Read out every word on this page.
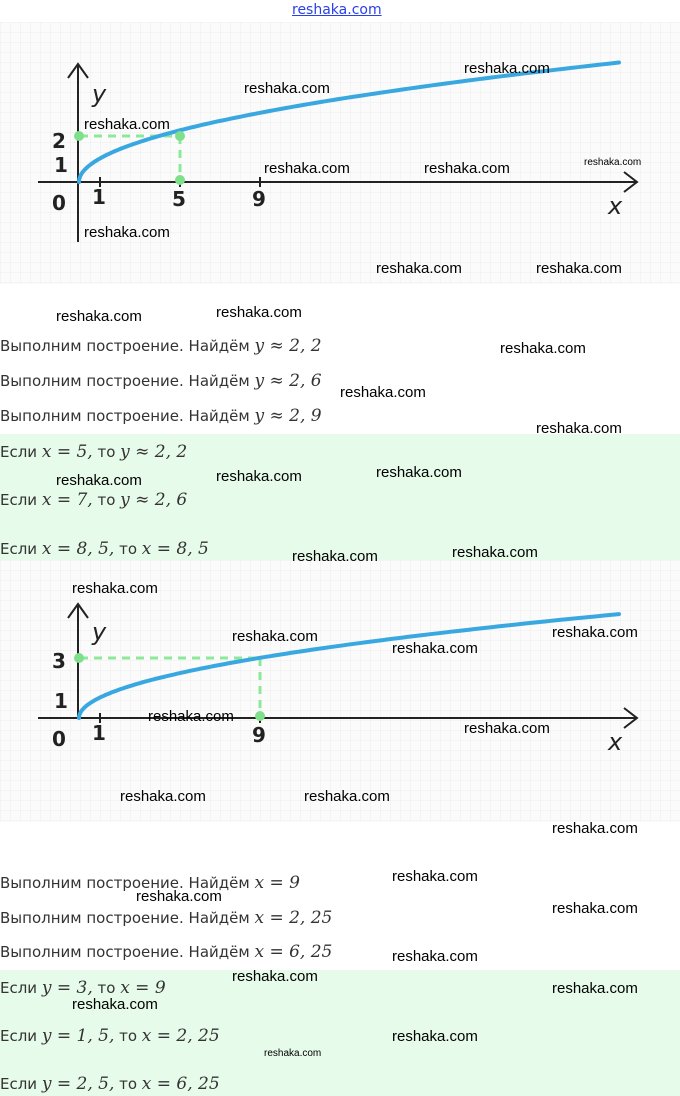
reshaka.com
y
x
0 1	5	9
1
2
Выполним построение. Найдём y ≈ 2, 2
Выполним построение. Найдём y ≈ 2, 6
Выполним построение. Найдём y ≈ 2, 9
Если x = 5, то y ≈ 2, 2
Если x = 7, то y ≈ 2, 6
Если x = 8, 5, то x = 8, 5
y
x
0 1	9
1
3
Выполним построение. Найдём x = 9
Выполним построение. Найдём x = 2, 25
Выполним построение. Найдём x = 6, 25
Если y = 3, то x = 9
Если y = 1, 5, то x = 2, 25
Если y = 2, 5, то x = 6, 25
reshaka.com
reshaka.com
reshaka.com
reshaka.com	reshaka.com	reshaka.com
reshaka.com
reshaka.com	reshaka.com
reshaka.com
reshaka.com
reshaka.com
reshaka.com
reshaka.com
reshaka.com
reshaka.com
reshaka.com
reshaka.com
reshaka.com
reshaka.com
reshaka.com
reshaka.com
reshaka.com
reshaka.com
reshaka.com
reshaka.com	reshaka.com
reshaka.com
reshaka.com
reshaka.com
reshaka.com
reshaka.com
reshaka.com
reshaka.com
reshaka.com
reshaka.com
reshaka.com
